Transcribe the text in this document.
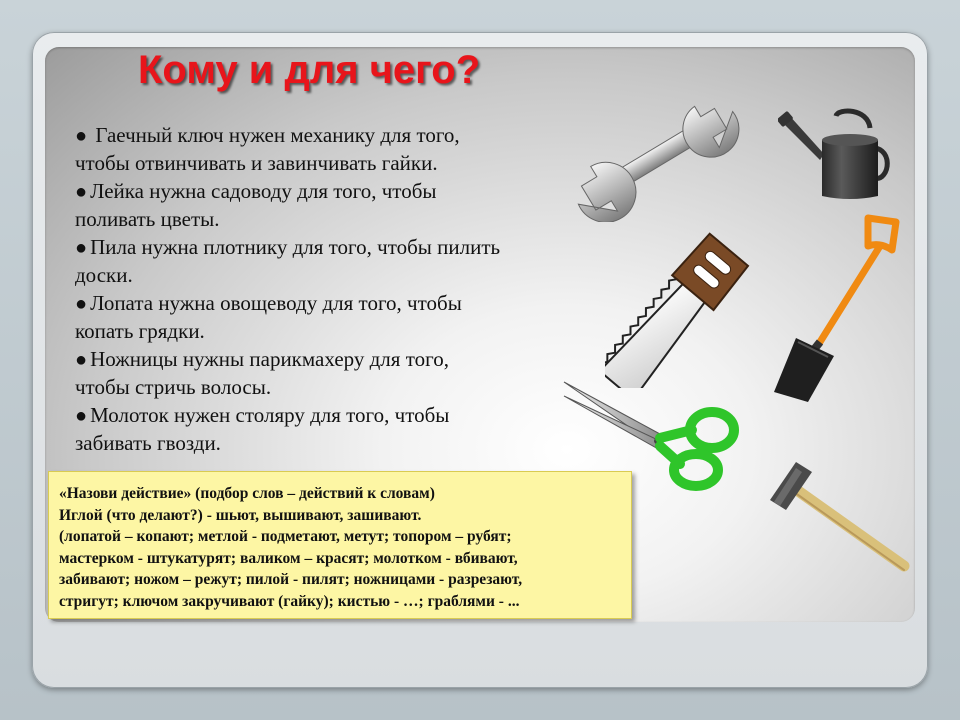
Кому и для чего?
● Гаечный ключ нужен механику для того,
чтобы отвинчивать и завинчивать гайки.
● Лейка нужна садоводу для того, чтобы
поливать цветы.
● Пила нужна плотнику для того, чтобы пилить
доски.
● Лопата нужна овощеводу для того, чтобы
копать грядки.
● Ножницы нужны парикмахеру для того,
чтобы стричь волосы.
● Молоток нужен столяру для того, чтобы
забивать гвозди.
«Назови действие» (подбор слов – действий к словам)
Иглой (что делают?) - шьют, вышивают, зашивают.
(лопатой – копают; метлой - подметают, метут; топором – рубят;
мастерком - штукатурят; валиком – красят; молотком - вбивают,
забивают; ножом – режут; пилой - пилят; ножницами - разрезают,
стригут; ключом закручивают (гайку); кистью - …; граблями - ...
